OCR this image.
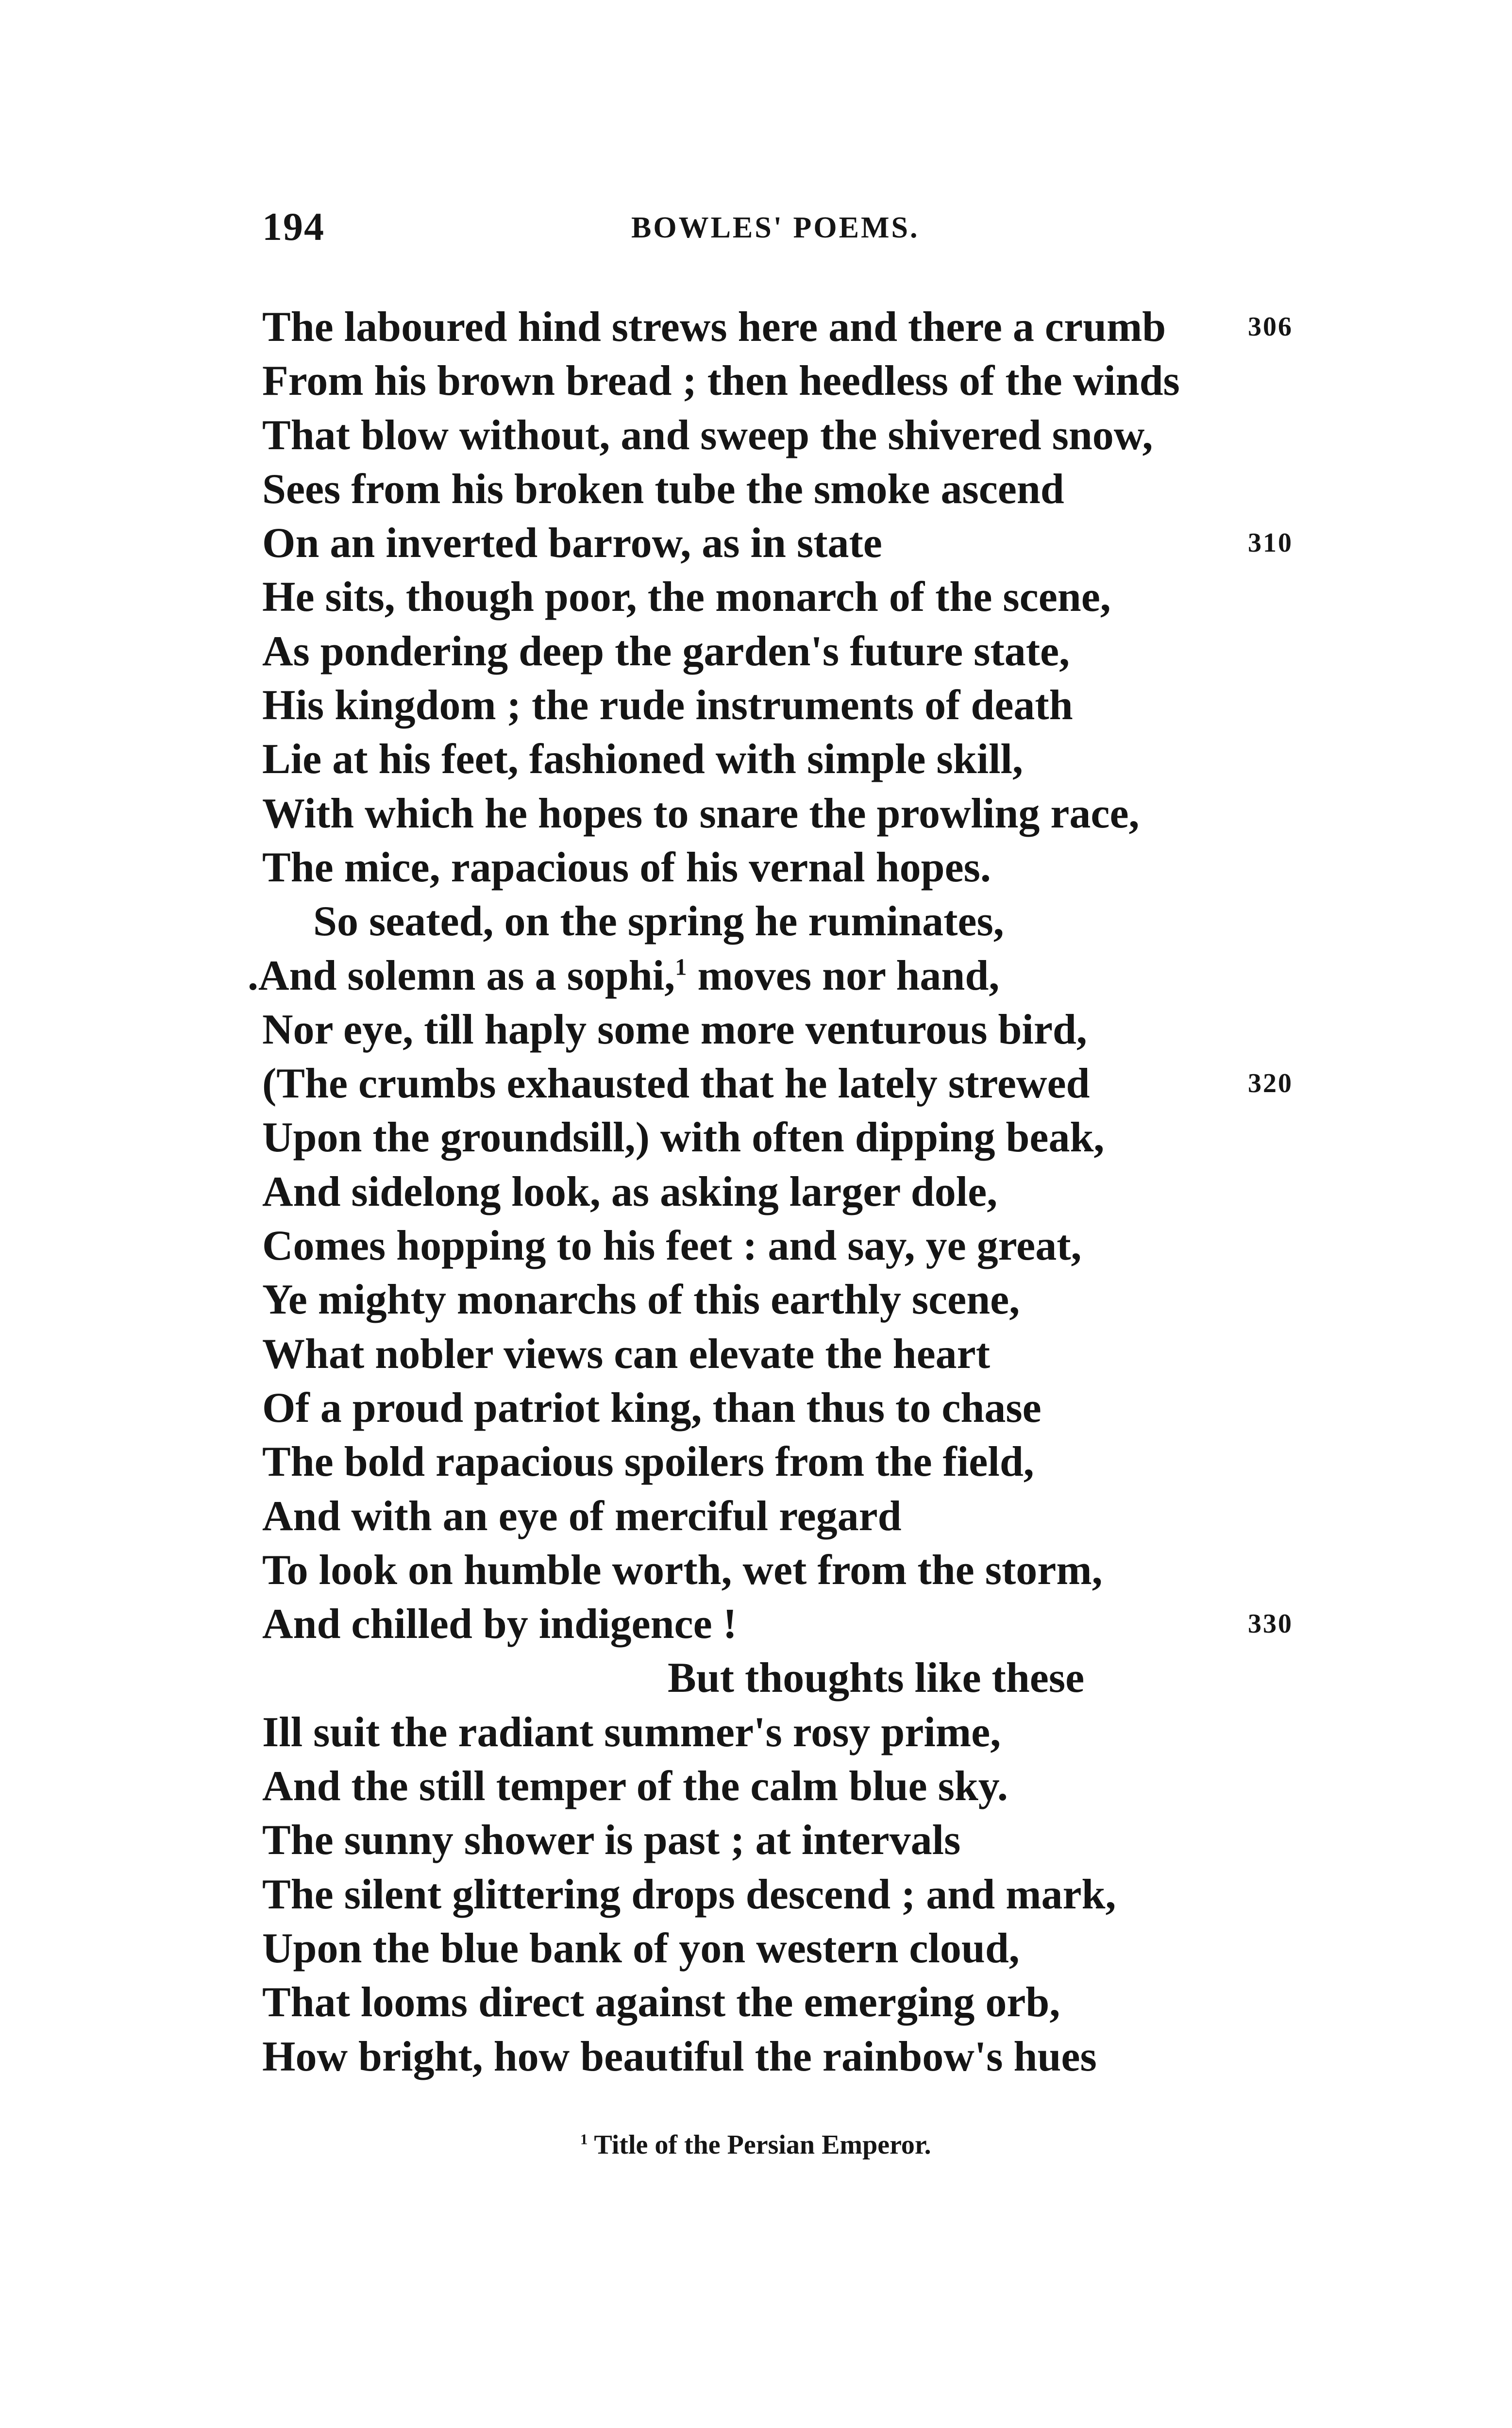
194	BOWLES' POEMS.
The laboured hind strews here and there a crumb	306
From his brown bread ; then heedless of the winds
That blow without, and sweep the shivered snow,
Sees from his broken tube the smoke ascend
On an inverted barrow, as in state	310
He sits, though poor, the monarch of the scene,
As pondering deep the garden's future state,
His kingdom ; the rude instruments of death
Lie at his feet, fashioned with simple skill,
With which he hopes to snare the prowling race,
The mice, rapacious of his vernal hopes.
So seated, on the spring he ruminates,
.And solemn as a sophi,$^1$ moves nor hand,
Nor eye, till haply some more venturous bird,
(The crumbs exhausted that he lately strewed	320
Upon the groundsill,) with often dipping beak,
And sidelong look, as asking larger dole,
Comes hopping to his feet : and say, ye great,
Ye mighty monarchs of this earthly scene,
What nobler views can elevate the heart
Of a proud patriot king, than thus to chase
The bold rapacious spoilers from the field,
And with an eye of merciful regard
To look on humble worth, wet from the storm,
And chilled by indigence !	330
But thoughts like these
Ill suit the radiant summer's rosy prime,
And the still temper of the calm blue sky.
The sunny shower is past ; at intervals
The silent glittering drops descend ; and mark,
Upon the blue bank of yon western cloud,
That looms direct against the emerging orb,
How bright, how beautiful the rainbow's hues
$^1$ Title of the Persian Emperor.
